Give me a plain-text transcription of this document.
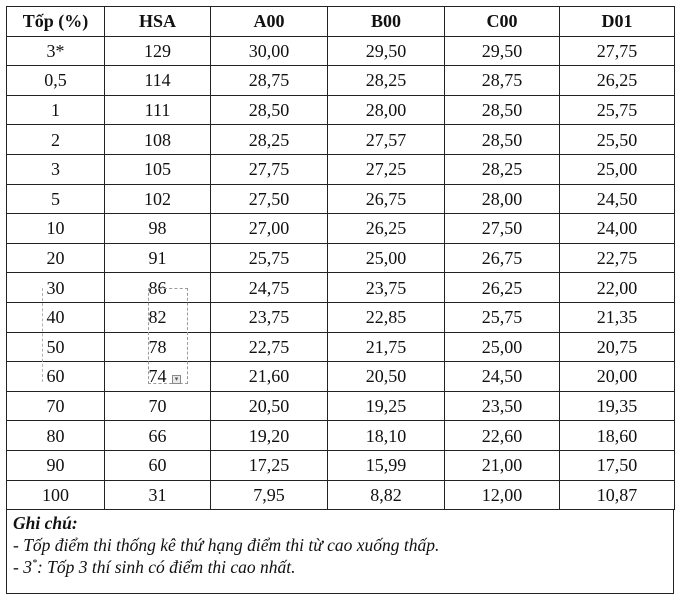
Tốp (%)	HSA	A00	B00	C00	D01
3*	129	30,00	29,50	29,50	27,75
0,5	114	28,75	28,25	28,75	26,25
1	111	28,50	28,00	28,50	25,75
2	108	28,25	27,57	28,50	25,50
3	105	27,75	27,25	28,25	25,00
5	102	27,50	26,75	28,00	24,50
10	98	27,00	26,25	27,50	24,00
20	91	25,75	25,00	26,75	22,75
30	86	24,75	23,75	26,25	22,00
40	82	23,75	22,85	25,75	21,35
50	78	22,75	21,75	25,00	20,75
60	74	21,60	20,50	24,50	20,00
70	70	20,50	19,25	23,50	19,35
80	66	19,20	18,10	22,60	18,60
90	60	17,25	15,99	21,00	17,50
100	31	7,95	8,82	12,00	10,87
Ghi chú:
- Tốp điểm thi thống kê thứ hạng điểm thi từ cao xuống thấp.
- 3*: Tốp 3 thí sinh có điểm thi cao nhất.
▾
